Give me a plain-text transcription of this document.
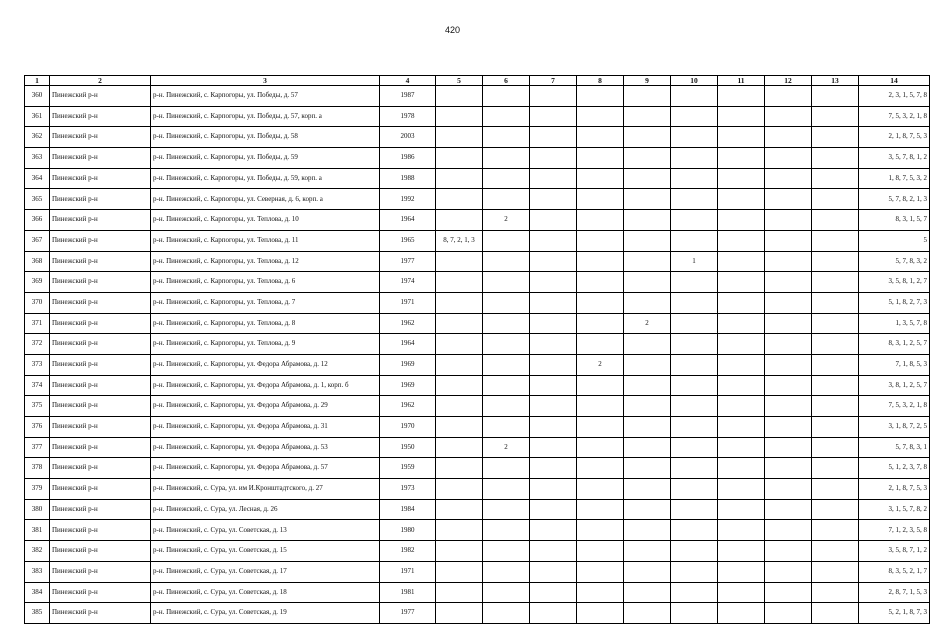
420
1	2	3	4	5	6	7	8	9	10	11	12	13	14
360	Пинежский р-н	р-н. Пинежский, с. Карпогоры, ул. Победы, д. 57	1987										2, 3, 1, 5, 7, 8
361	Пинежский р-н	р-н. Пинежский, с. Карпогоры, ул. Победы, д. 57, корп. а	1978										7, 5, 3, 2, 1, 8
362	Пинежский р-н	р-н. Пинежский, с. Карпогоры, ул. Победы, д. 58	2003										2, 1, 8, 7, 5, 3
363	Пинежский р-н	р-н. Пинежский, с. Карпогоры, ул. Победы, д. 59	1986										3, 5, 7, 8, 1, 2
364	Пинежский р-н	р-н. Пинежский, с. Карпогоры, ул. Победы, д. 59, корп. а	1988										1, 8, 7, 5, 3, 2
365	Пинежский р-н	р-н. Пинежский, с. Карпогоры, ул. Северная, д. 6, корп. а	1992										5, 7, 8, 2, 1, 3
366	Пинежский р-н	р-н. Пинежский, с. Карпогоры, ул. Теплова, д. 10	1964		2								8, 3, 1, 5, 7
367	Пинежский р-н	р-н. Пинежский, с. Карпогоры, ул. Теплова, д. 11	1965	8, 7, 2, 1, 3									5
368	Пинежский р-н	р-н. Пинежский, с. Карпогоры, ул. Теплова, д. 12	1977						1				5, 7, 8, 3, 2
369	Пинежский р-н	р-н. Пинежский, с. Карпогоры, ул. Теплова, д. 6	1974										3, 5, 8, 1, 2, 7
370	Пинежский р-н	р-н. Пинежский, с. Карпогоры, ул. Теплова, д. 7	1971										5, 1, 8, 2, 7, 3
371	Пинежский р-н	р-н. Пинежский, с. Карпогоры, ул. Теплова, д. 8	1962					2					1, 3, 5, 7, 8
372	Пинежский р-н	р-н. Пинежский, с. Карпогоры, ул. Теплова, д. 9	1964										8, 3, 1, 2, 5, 7
373	Пинежский р-н	р-н. Пинежский, с. Карпогоры, ул. Федора Абрамова, д. 12	1969				2						7, 1, 8, 5, 3
374	Пинежский р-н	р-н. Пинежский, с. Карпогоры, ул. Федора Абрамова, д. 1, корп. б	1969										3, 8, 1, 2, 5, 7
375	Пинежский р-н	р-н. Пинежский, с. Карпогоры, ул. Федора Абрамова, д. 29	1962										7, 5, 3, 2, 1, 8
376	Пинежский р-н	р-н. Пинежский, с. Карпогоры, ул. Федора Абрамова, д. 31	1970										3, 1, 8, 7, 2, 5
377	Пинежский р-н	р-н. Пинежский, с. Карпогоры, ул. Федора Абрамова, д. 53	1950		2								5, 7, 8, 3, 1
378	Пинежский р-н	р-н. Пинежский, с. Карпогоры, ул. Федора Абрамова, д. 57	1959										5, 1, 2, 3, 7, 8
379	Пинежский р-н	р-н. Пинежский, с. Сура, ул. им И.Кронштадтского, д. 27	1973										2, 1, 8, 7, 5, 3
380	Пинежский р-н	р-н. Пинежский, с. Сура, ул. Лесная, д. 26	1984										3, 1, 5, 7, 8, 2
381	Пинежский р-н	р-н. Пинежский, с. Сура, ул. Советская, д. 13	1980										7, 1, 2, 3, 5, 8
382	Пинежский р-н	р-н. Пинежский, с. Сура, ул. Советская, д. 15	1982										3, 5, 8, 7, 1, 2
383	Пинежский р-н	р-н. Пинежский, с. Сура, ул. Советская, д. 17	1971										8, 3, 5, 2, 1, 7
384	Пинежский р-н	р-н. Пинежский, с. Сура, ул. Советская, д. 18	1981										2, 8, 7, 1, 5, 3
385	Пинежский р-н	р-н. Пинежский, с. Сура, ул. Советская, д. 19	1977										5, 2, 1, 8, 7, 3
